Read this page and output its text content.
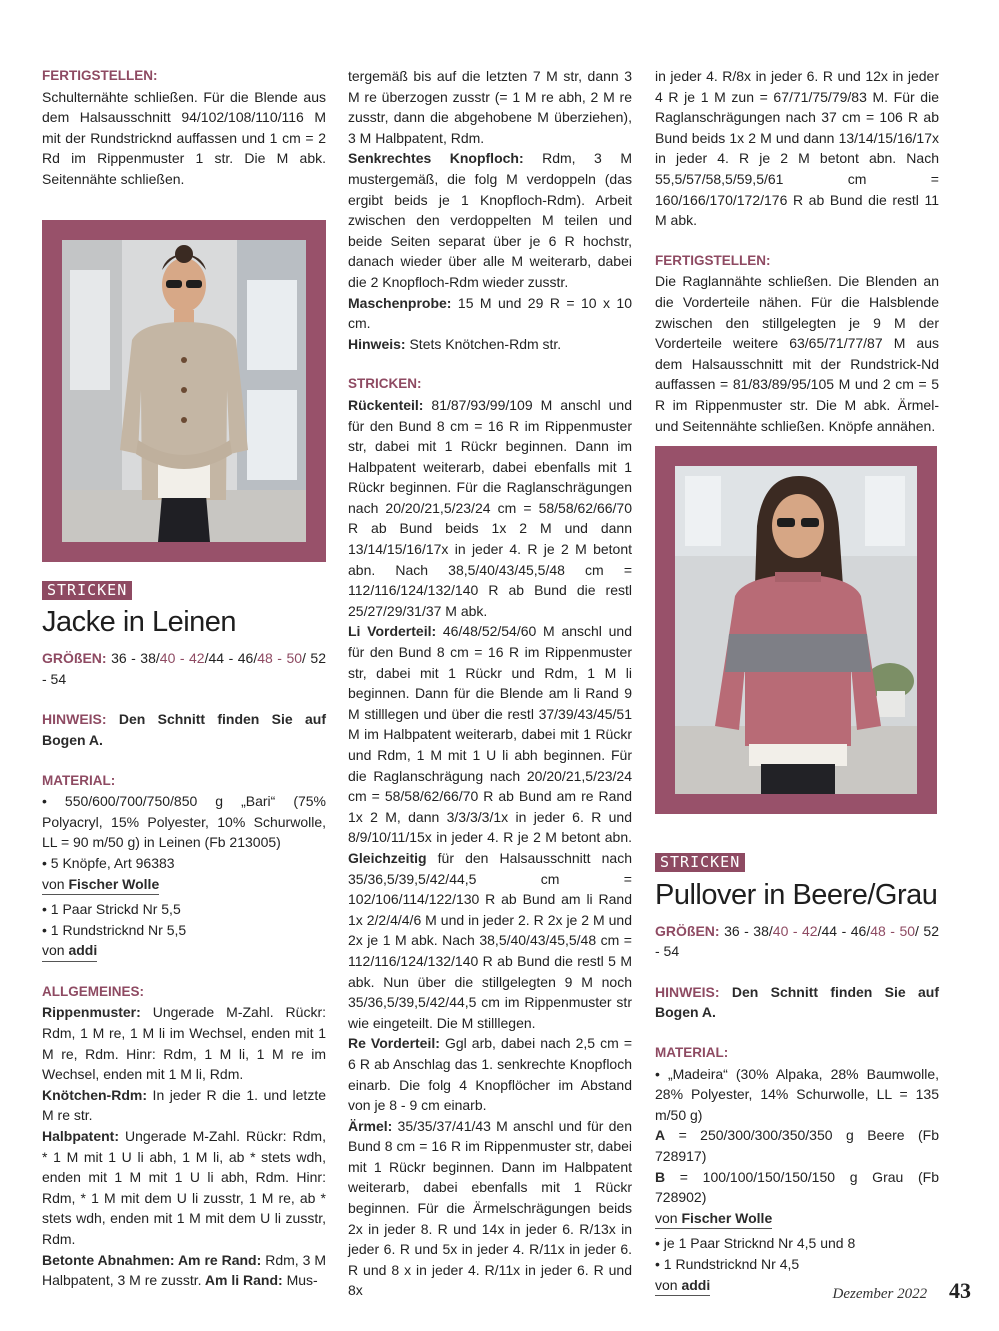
FERTIGSTELLEN:

Schulternähte schließen. Für die Blende aus dem Halsausschnitt 94/102/108/110/116 M mit der Rundstricknd auffassen und 1 cm = 2 Rd im Rippenmuster 1 str. Die M abk. Seitennähte schließen.

STRICKEN
Jacke in Leinen

GRÖßEN: 36 - 38/40 - 42/44 - 46/48 - 50/ 52 - 54

HINWEIS: Den Schnitt finden Sie auf Bogen A.

MATERIAL:

• 550/600/700/750/850 g „Bari“ (75% Polyacryl, 15% Polyester, 10% Schurwolle, LL = 90 m/50 g) in Leinen (Fb 213005)

• 5 Knöpfe, Art 96383

von Fischer Wolle

• 1 Paar Strickd Nr 5,5

• 1 Rundstricknd Nr 5,5

von addi

ALLGEMEINES:

Rippenmuster: Ungerade M-Zahl. Rückr: Rdm, 1 M re, 1 M li im Wechsel, enden mit 1 M re, Rdm. Hinr: Rdm, 1 M li, 1 M re im Wechsel, enden mit 1 M li, Rdm.

Knötchen-Rdm: In jeder R die 1. und letzte M re str.

Halbpatent: Ungerade M-Zahl. Rückr: Rdm, * 1 M mit 1 U li abh, 1 M li, ab * stets wdh, enden mit 1 M mit 1 U li abh, Rdm. Hinr: Rdm, * 1 M mit dem U li zusstr, 1 M re, ab * stets wdh, enden mit 1 M mit dem U li zusstr, Rdm.

Betonte Abnahmen: Am re Rand: Rdm, 3 M Halbpatent, 3 M re zusstr. Am li Rand: Mus-

tergemäß bis auf die letzten 7 M str, dann 3 M re überzogen zusstr (= 1 M re abh, 2 M re zusstr, dann die abgehobene M überziehen), 3 M Halbpatent, Rdm.

Senkrechtes Knopfloch: Rdm, 3 M mustergemäß, die folg M verdoppeln (das ergibt beids je 1 Knopfloch-Rdm). Arbeit zwischen den verdoppelten M teilen und beide Seiten separat über je 6 R hochstr, danach wieder über alle M weiterarb, dabei die 2 Knopfloch-Rdm wieder zusstr.

Maschenprobe: 15 M und 29 R = 10 x 10 cm.

Hinweis: Stets Knötchen-Rdm str.

STRICKEN:

Rückenteil: 81/87/93/99/109 M anschl und für den Bund 8 cm = 16 R im Rippenmuster str, dabei mit 1 Rückr beginnen. Dann im Halbpatent weiterarb, dabei ebenfalls mit 1 Rückr beginnen. Für die Raglanschrägungen nach 20/20/21,5/23/24 cm = 58/58/62/66/70 R ab Bund beids 1x 2 M und dann 13/14/15/16/17x in jeder 4. R je 2 M betont abn. Nach 38,5/40/43/45,5/48 cm = 112/116/124/132/140 R ab Bund die restl 25/27/29/31/37 M abk.

Li Vorderteil: 46/48/52/54/60 M anschl und für den Bund 8 cm = 16 R im Rippenmuster str, dabei mit 1 Rückr und Rdm, 1 M li beginnen. Dann für die Blende am li Rand 9 M stilllegen und über die restl 37/39/43/45/51 M im Halbpatent weiterarb, dabei mit 1 Rückr und Rdm, 1 M mit 1 U li abh beginnen. Für die Raglanschrägung nach 20/20/21,5/23/24 cm = 58/58/62/66/70 R ab Bund am re Rand 1x 2 M, dann 3/3/3/3/1x in jeder 6. R und 8/9/10/11/15x in jeder 4. R je 2 M betont abn. Gleichzeitig für den Halsausschnitt nach 35/36,5/39,5/42/44,5 cm = 102/106/114/122/130 R ab Bund am li Rand 1x 2/2/4/4/6 M und in jeder 2. R 2x je 2 M und 2x je 1 M abk. Nach 38,5/40/43/45,5/48 cm = 112/116/124/132/140 R ab Bund die restl 5 M abk. Nun über die stillgelegten 9 M noch 35/36,5/39,5/42/44,5 cm im Rippenmuster str wie eingeteilt. Die M stilllegen.

Re Vorderteil: Ggl arb, dabei nach 2,5 cm = 6 R ab Anschlag das 1. senkrechte Knopfloch einarb. Die folg 4 Knopflöcher im Abstand von je 8 - 9 cm einarb.

Ärmel: 35/35/37/41/43 M anschl und für den Bund 8 cm = 16 R im Rippenmuster str, dabei mit 1 Rückr beginnen. Dann im Halbpatent weiterarb, dabei ebenfalls mit 1 Rückr beginnen. Für die Ärmelschrägungen beids 2x in jeder 8. R und 14x in jeder 6. R/13x in jeder 6. R und 5x in jeder 4. R/11x in jeder 6. R und 8 x in jeder 4. R/11x in jeder 6. R und 8x

in jeder 4. R/8x in jeder 6. R und 12x in jeder 4 R je 1 M zun = 67/71/75/79/83 M. Für die Raglanschrägungen nach 37 cm = 106 R ab Bund beids 1x 2 M und dann 13/14/15/16/17x in jeder 4. R je 2 M betont abn. Nach 55,5/57/58,5/59,5/61 cm = 160/166/170/172/176 R ab Bund die restl 11 M abk.

FERTIGSTELLEN:

Die Raglannähte schließen. Die Blenden an die Vorderteile nähen. Für die Halsblende zwischen den stillgelegten je 9 M der Vorderteile weitere 63/65/71/77/87 M aus dem Halsausschnitt mit der Rundstrick-Nd auffassen = 81/83/89/95/105 M und 2 cm = 5 R im Rippenmuster str. Die M abk. Ärmel- und Seitennähte schließen. Knöpfe annähen.

STRICKEN
Pullover in Beere/Grau

GRÖßEN: 36 - 38/40 - 42/44 - 46/48 - 50/ 52 - 54

HINWEIS: Den Schnitt finden Sie auf Bogen A.

MATERIAL:

• „Madeira“ (30% Alpaka, 28% Baumwolle, 28% Polyester, 14% Schurwolle, LL = 135 m/50 g)

A = 250/300/300/350/350 g Beere (Fb 728917)

B = 100/100/150/150/150 g Grau (Fb 728902)

von Fischer Wolle

• je 1 Paar Stricknd Nr 4,5 und 8

• 1 Rundstricknd Nr 4,5

von addi

Dezember 2022 43
